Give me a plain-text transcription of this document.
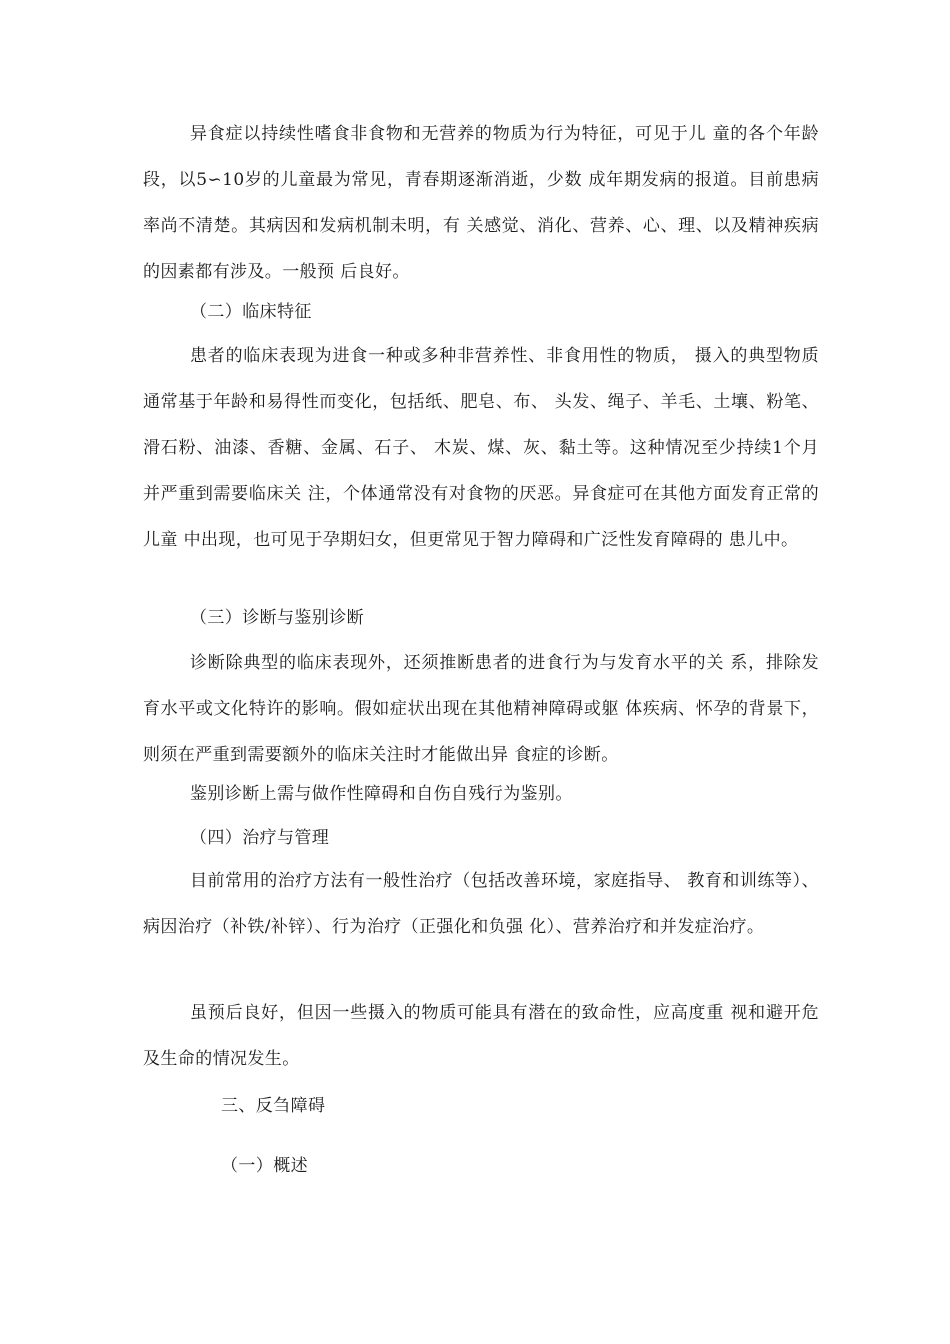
异食症以持续性嗜食非食物和无营养的物质为行为特征，可见于儿 童的各个年龄段，以5∽10岁的儿童最为常见，青春期逐渐消逝，少数 成年期发病的报道。目前患病率尚不清楚。其病因和发病机制未明，有 关感觉、消化、营养、心、理、以及精神疾病的因素都有涉及。一般预 后良好。

（二）临床特征

患者的临床表现为进食一种或多种非营养性、非食用性的物质， 摄入的典型物质通常基于年龄和易得性而变化，包括纸、肥皂、布、 头发、绳子、羊毛、土壤、粉笔、滑石粉、油漆、香糖、金属、石子、 木炭、煤、灰、黏土等。这种情况至少持续1个月并严重到需要临床关 注，个体通常没有对食物的厌恶。异食症可在其他方面发育正常的儿童 中出现，也可见于孕期妇女，但更常见于智力障碍和广泛性发育障碍的 患儿中。

（三）诊断与鉴别诊断

诊断除典型的临床表现外，还须推断患者的进食行为与发育水平的关 系，排除发育水平或文化特许的影响。假如症状出现在其他精神障碍或躯 体疾病、怀孕的背景下，则须在严重到需要额外的临床关注时才能做出异 食症的诊断。

鉴别诊断上需与做作性障碍和自伤自残行为鉴别。

（四）治疗与管理

目前常用的治疗方法有一般性治疗（包括改善环境，家庭指导、 教育和训练等）、病因治疗（补铁/补锌）、行为治疗（正强化和负强 化）、营养治疗和并发症治疗。

虽预后良好，但因一些摄入的物质可能具有潜在的致命性，应高度重 视和避开危及生命的情况发生。

三、反刍障碍
（一）概述
